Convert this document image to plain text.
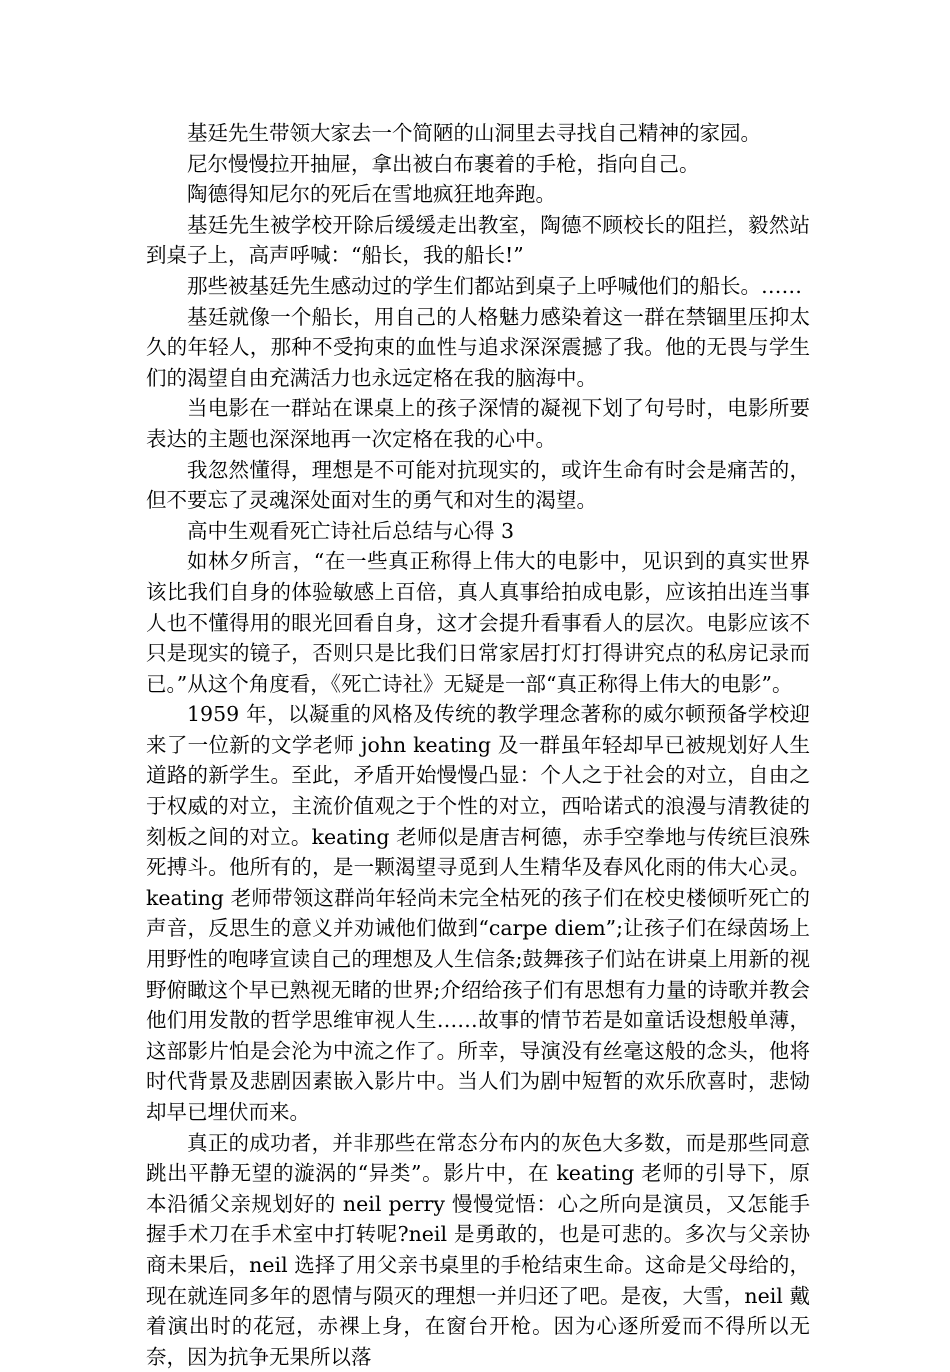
基廷先生带领大家去一个简陋的山洞里去寻找自己精神的家园。

尼尔慢慢拉开抽屉，拿出被白布裹着的手枪，指向自己。

陶德得知尼尔的死后在雪地疯狂地奔跑。

基廷先生被学校开除后缓缓走出教室，陶德不顾校长的阻拦，毅然站到桌子上，高声呼喊：“船长，我的船长!”

那些被基廷先生感动过的学生们都站到桌子上呼喊他们的船长。……

基廷就像一个船长，用自己的人格魅力感染着这一群在禁锢里压抑太久的年轻人，那种不受拘束的血性与追求深深震撼了我。他的无畏与学生们的渴望自由充满活力也永远定格在我的脑海中。

当电影在一群站在课桌上的孩子深情的凝视下划了句号时，电影所要表达的主题也深深地再一次定格在我的心中。

我忽然懂得，理想是不可能对抗现实的，或许生命有时会是痛苦的，但不要忘了灵魂深处面对生的勇气和对生的渴望。

高中生观看死亡诗社后总结与心得 3

如林夕所言，“在一些真正称得上伟大的电影中，见识到的真实世界该比我们自身的体验敏感上百倍，真人真事给拍成电影，应该拍出连当事人也不懂得用的眼光回看自身，这才会提升看事看人的层次。电影应该不只是现实的镜子，否则只是比我们日常家居打灯打得讲究点的私房记录而已。”从这个角度看，《死亡诗社》无疑是一部“真正称得上伟大的电影”。

1959 年，以凝重的风格及传统的教学理念著称的威尔顿预备学校迎来了一位新的文学老师 john keating 及一群虽年轻却早已被规划好人生道路的新学生。至此，矛盾开始慢慢凸显：个人之于社会的对立，自由之于权威的对立，主流价值观之于个性的对立，西哈诺式的浪漫与清教徒的刻板之间的对立。keating 老师似是唐吉柯德，赤手空拳地与传统巨浪殊死搏斗。他所有的，是一颗渴望寻觅到人生精华及春风化雨的伟大心灵。keating 老师带领这群尚年轻尚未完全枯死的孩子们在校史楼倾听死亡的声音，反思生的意义并劝诫他们做到“carpe diem”;让孩子们在绿茵场上用野性的咆哮宣读自己的理想及人生信条;鼓舞孩子们站在讲桌上用新的视野俯瞰这个早已熟视无睹的世界;介绍给孩子们有思想有力量的诗歌并教会他们用发散的哲学思维审视人生……故事的情节若是如童话设想般单薄，这部影片怕是会沦为中流之作了。所幸，导演没有丝毫这般的念头，他将时代背景及悲剧因素嵌入影片中。当人们为剧中短暂的欢乐欣喜时，悲恸却早已埋伏而来。

真正的成功者，并非那些在常态分布内的灰色大多数，而是那些同意跳出平静无望的漩涡的“异类”。影片中，在 keating 老师的引导下，原本沿循父亲规划好的 neil perry 慢慢觉悟：心之所向是演员，又怎能手握手术刀在手术室中打转呢?neil 是勇敢的，也是可悲的。多次与父亲协商未果后，neil 选择了用父亲书桌里的手枪结束生命。这命是父母给的，现在就连同多年的恩情与陨灭的理想一并归还了吧。是夜，大雪，neil 戴着演出时的花冠，赤裸上身，在窗台开枪。因为心逐所爱而不得所以无奈，因为抗争无果所以落
